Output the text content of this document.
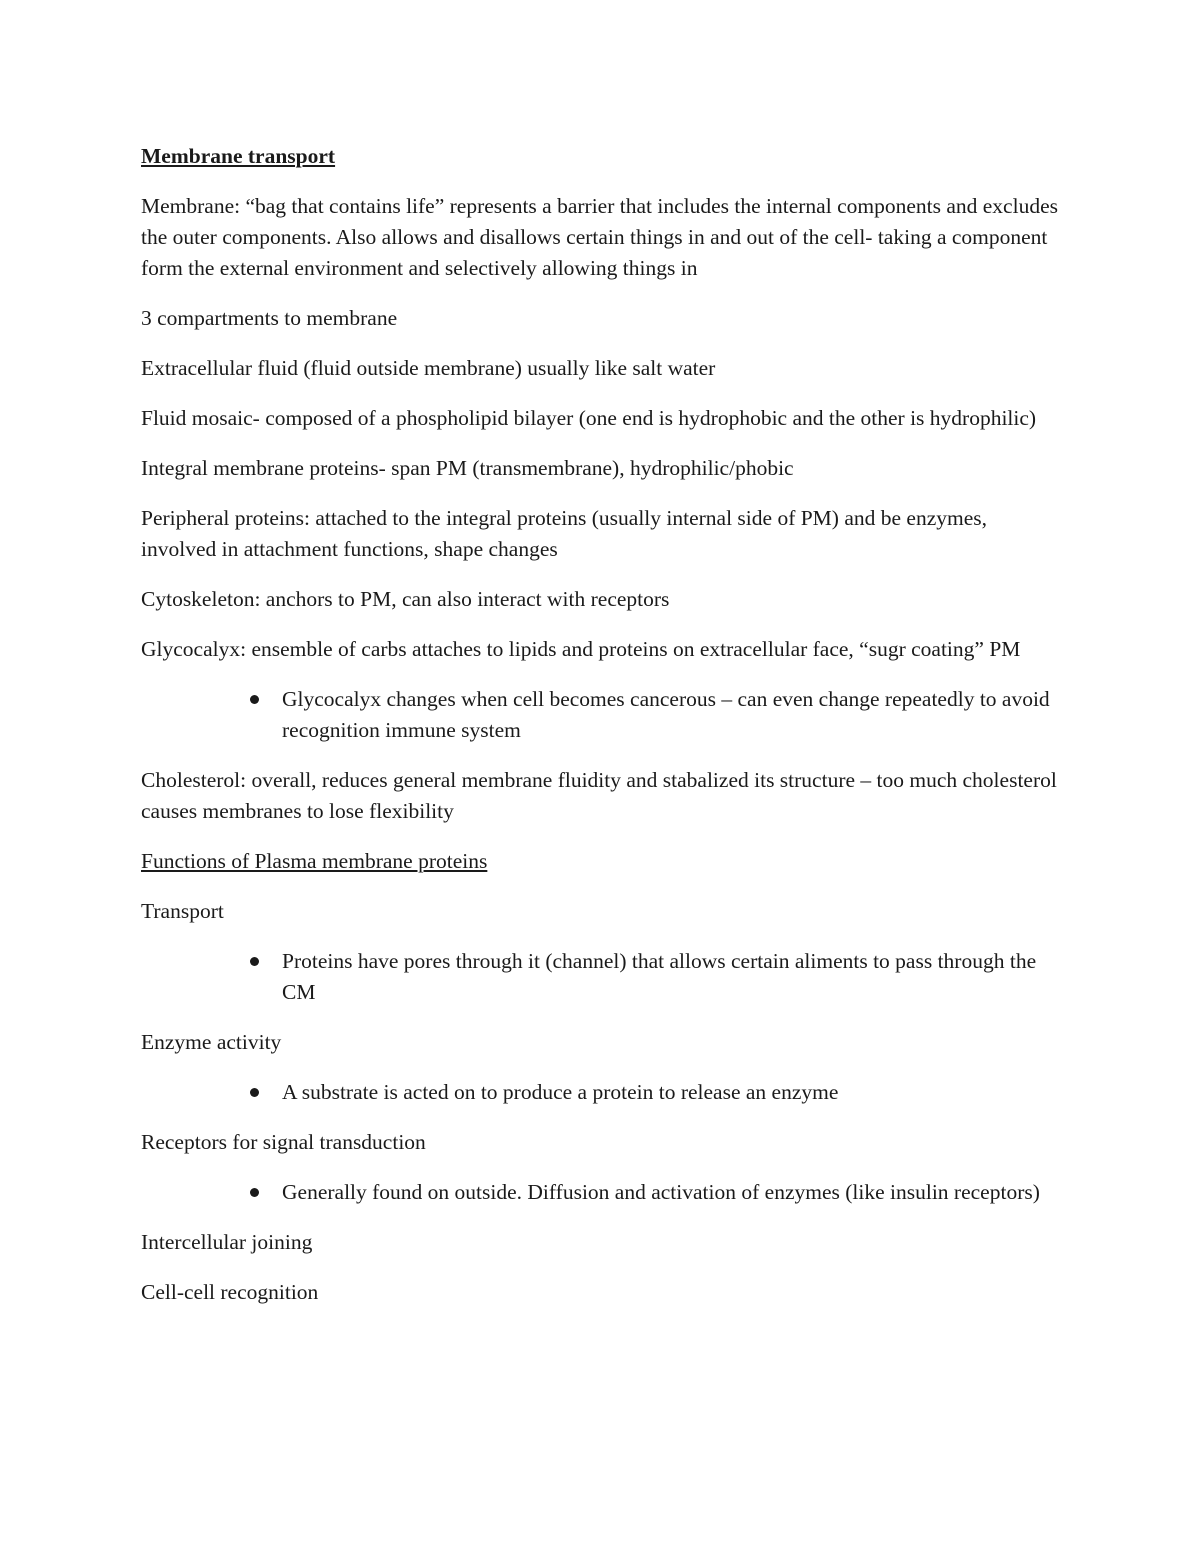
Membrane transport
Membrane: “bag that contains life” represents a barrier that includes the internal components and excludes the outer components. Also allows and disallows certain things in and out of the cell- taking a component form the external environment and selectively allowing things in
3 compartments to membrane
Extracellular fluid (fluid outside membrane) usually like salt water
Fluid mosaic- composed of a phospholipid bilayer (one end is hydrophobic and the other is hydrophilic)
Integral membrane proteins- span PM (transmembrane), hydrophilic/phobic
Peripheral proteins: attached to the integral proteins (usually internal side of PM) and be enzymes, involved in attachment functions, shape changes
Cytoskeleton: anchors to PM, can also interact with receptors
Glycocalyx: ensemble of carbs attaches to lipids and proteins on extracellular face, “sugr coating” PM
Glycocalyx changes when cell becomes cancerous – can even change repeatedly to avoid recognition immune system
Cholesterol: overall, reduces general membrane fluidity and stabalized its structure – too much cholesterol causes membranes to lose flexibility
Functions of Plasma membrane proteins
Transport
Proteins have pores through it (channel) that allows certain aliments to pass through the CM
Enzyme activity
A substrate is acted on to produce a protein to release an enzyme
Receptors for signal transduction
Generally found on outside. Diffusion and activation of enzymes (like insulin receptors)
Intercellular joining
Cell-cell recognition
